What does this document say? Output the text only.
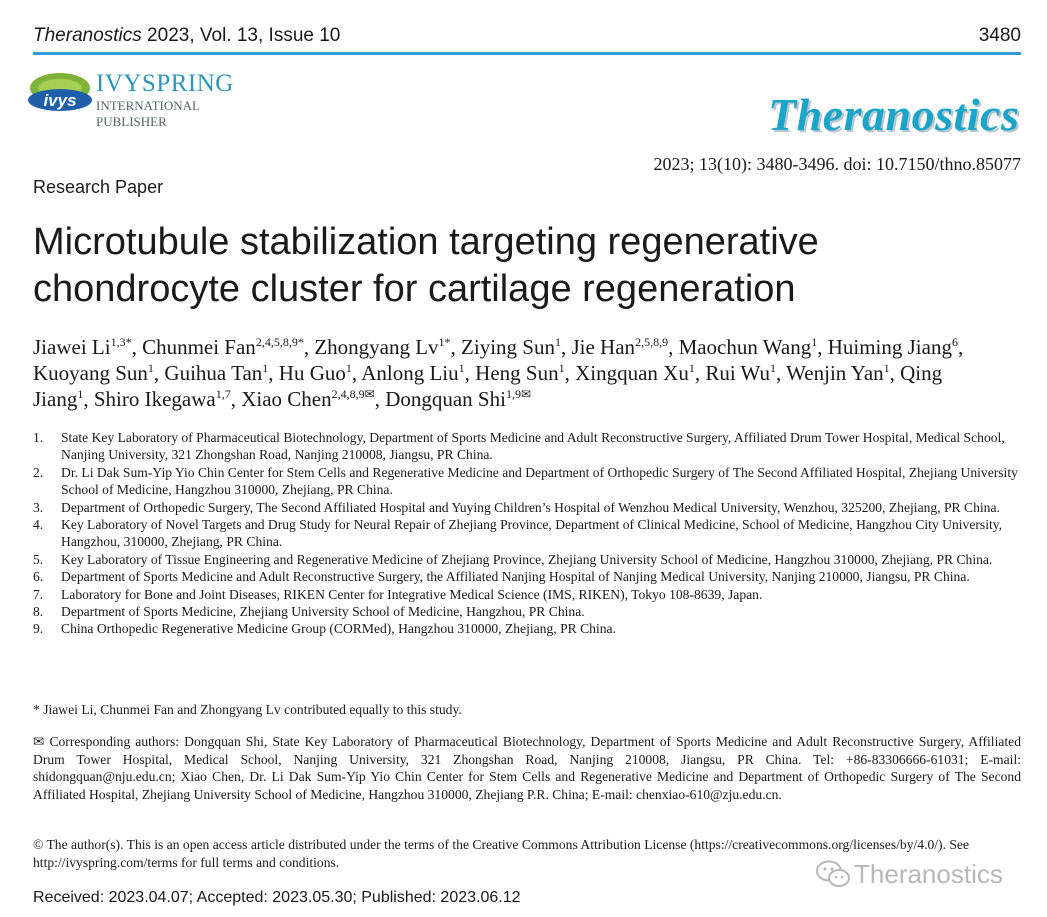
Theranostics 2023, Vol. 13, Issue 10	3480
ivys
IVYSPRING
INTERNATIONAL PUBLISHER	Theranostics
2023; 13(10): 3480-3496. doi: 10.7150/thno.85077
Research Paper
Microtubule stabilization targeting regenerative chondrocyte cluster for cartilage regeneration
Jiawei $Li^{1,3*}$, Chunmei Fan$^{2,4,5,8,9*}$, Zhongyang $Lv^{1*}$, Ziying Sun$^1$, Jie Han$^{2,5,8,9}$, Maochun Wang$^1$, Huiming Jiang$^6$, Kuoyang Sun$^1$, Guihua Tan$^1$, Hu Guo$^1$, Anlong Liu$^1$, Heng Sun$^1$, Xingquan Xu$^1$, Rui Wu$^1$, Wenjin Yan$^1$, Qing Jiang$^1$, Shiro Ikegawa$^{1,7}$, Xiao Chen$^{2,4,8,9✉}$, Dongquan Shi$^{1,9✉}$
1.	State Key Laboratory of Pharmaceutical Biotechnology, Department of Sports Medicine and Adult Reconstructive Surgery, Affiliated Drum Tower Hospital, Medical School, Nanjing University, 321 Zhongshan Road, Nanjing 210008, Jiangsu, PR China.
2.	Dr. Li Dak Sum-Yip Yio Chin Center for Stem Cells and Regenerative Medicine and Department of Orthopedic Surgery of The Second Affiliated Hospital, Zhejiang University School of Medicine, Hangzhou 310000, Zhejiang, PR China.
3.	Department of Orthopedic Surgery, The Second Affiliated Hospital and Yuying Children’s Hospital of Wenzhou Medical University, Wenzhou, 325200, Zhejiang, PR China.
4.	Key Laboratory of Novel Targets and Drug Study for Neural Repair of Zhejiang Province, Department of Clinical Medicine, School of Medicine, Hangzhou City University, Hangzhou, 310000, Zhejiang, PR China.
5.	Key Laboratory of Tissue Engineering and Regenerative Medicine of Zhejiang Province, Zhejiang University School of Medicine, Hangzhou 310000, Zhejiang, PR China.
6.	Department of Sports Medicine and Adult Reconstructive Surgery, the Affiliated Nanjing Hospital of Nanjing Medical University, Nanjing 210000, Jiangsu, PR China.
7.	Laboratory for Bone and Joint Diseases, RIKEN Center for Integrative Medical Science (IMS, RIKEN), Tokyo 108-8639, Japan.
8.	Department of Sports Medicine, Zhejiang University School of Medicine, Hangzhou, PR China.
9.	China Orthopedic Regenerative Medicine Group (CORMed), Hangzhou 310000, Zhejiang, PR China.
* Jiawei Li, Chunmei Fan and Zhongyang Lv contributed equally to this study.
✉ Corresponding authors: Dongquan Shi, State Key Laboratory of Pharmaceutical Biotechnology, Department of Sports Medicine and Adult Reconstructive Surgery, Affiliated Drum Tower Hospital, Medical School, Nanjing University, 321 Zhongshan Road, Nanjing 210008, Jiangsu, PR China. Tel: +86-83306666-61031; E-mail: shidongquan@nju.edu.cn; Xiao Chen, Dr. Li Dak Sum-Yip Yio Chin Center for Stem Cells and Regenerative Medicine and Department of Orthopedic Surgery of The Second Affiliated Hospital, Zhejiang University School of Medicine, Hangzhou 310000, Zhejiang P.R. China; E-mail: chenxiao-610@zju.edu.cn.
© The author(s). This is an open access article distributed under the terms of the Creative Commons Attribution License (https://creativecommons.org/licenses/by/4.0/). See http://ivyspring.com/terms for full terms and conditions.
Received: 2023.04.07; Accepted: 2023.05.30; Published: 2023.06.12
Theranostics
